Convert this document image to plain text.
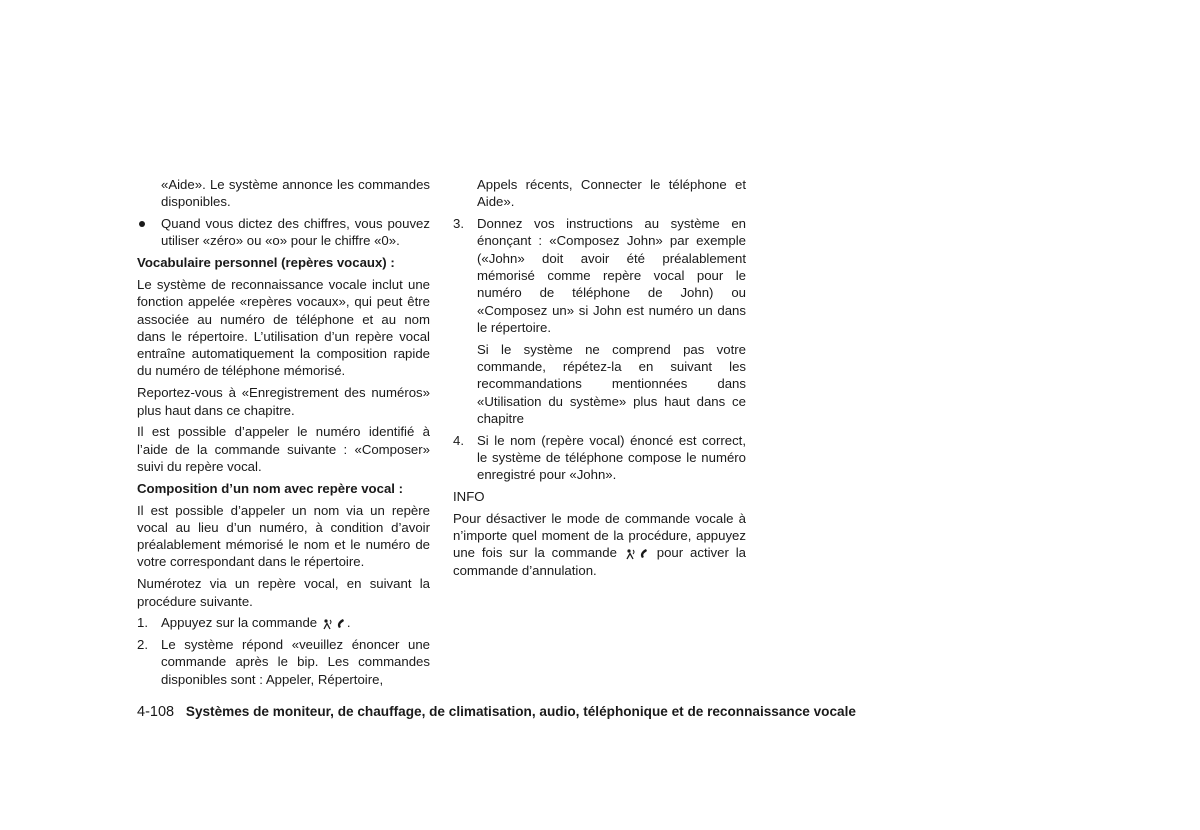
«Aide». Le système annonce les commandes disponibles.

Quand vous dictez des chiffres, vous pouvez utiliser «zéro» ou «o» pour le chiffre «0».
Vocabulaire personnel (repères vocaux) :

Le système de reconnaissance vocale inclut une fonction appelée «repères vocaux», qui peut être associée au numéro de téléphone et au nom dans le répertoire. L’utilisation d’un repère vocal entraîne automatiquement la composition rapide du numéro de téléphone mémorisé.

Reportez-vous à «Enregistrement des numéros» plus haut dans ce chapitre.

Il est possible d’appeler le numéro identifié à l’aide de la commande suivante : «Composer» suivi du repère vocal.

Composition d’un nom avec repère vocal :

Il est possible d’appeler un nom via un repère vocal au lieu d’un numéro, à condition d’avoir préalablement mémorisé le nom et le numéro de votre correspondant dans le répertoire.

Numérotez via un repère vocal, en suivant la procédure suivante.

1. Appuyez sur la commande .
2. Le système répond «veuillez énoncer une commande après le bip. Les commandes disponibles sont : Appeler, Répertoire,

Appels récents, Connecter le téléphone et Aide».

3. Donnez vos instructions au système en énonçant : «Composez John» par exemple («John» doit avoir été préalablement mémorisé comme repère vocal pour le numéro de téléphone de John) ou «Composez un» si John est numéro un dans le répertoire.

Si le système ne comprend pas votre commande, répétez-la en suivant les recommandations mentionnées dans «Utilisation du système» plus haut dans ce chapitre

4. Si le nom (repère vocal) énoncé est correct, le système de téléphone compose le numéro enregistré pour «John».

INFO

Pour désactiver le mode de commande vocale à n’importe quel moment de la procédure, appuyez une fois sur la commande	pour activer la commande d’annulation.

4-108 Systèmes de moniteur, de chauffage, de climatisation, audio, téléphonique et de reconnaissance vocale
